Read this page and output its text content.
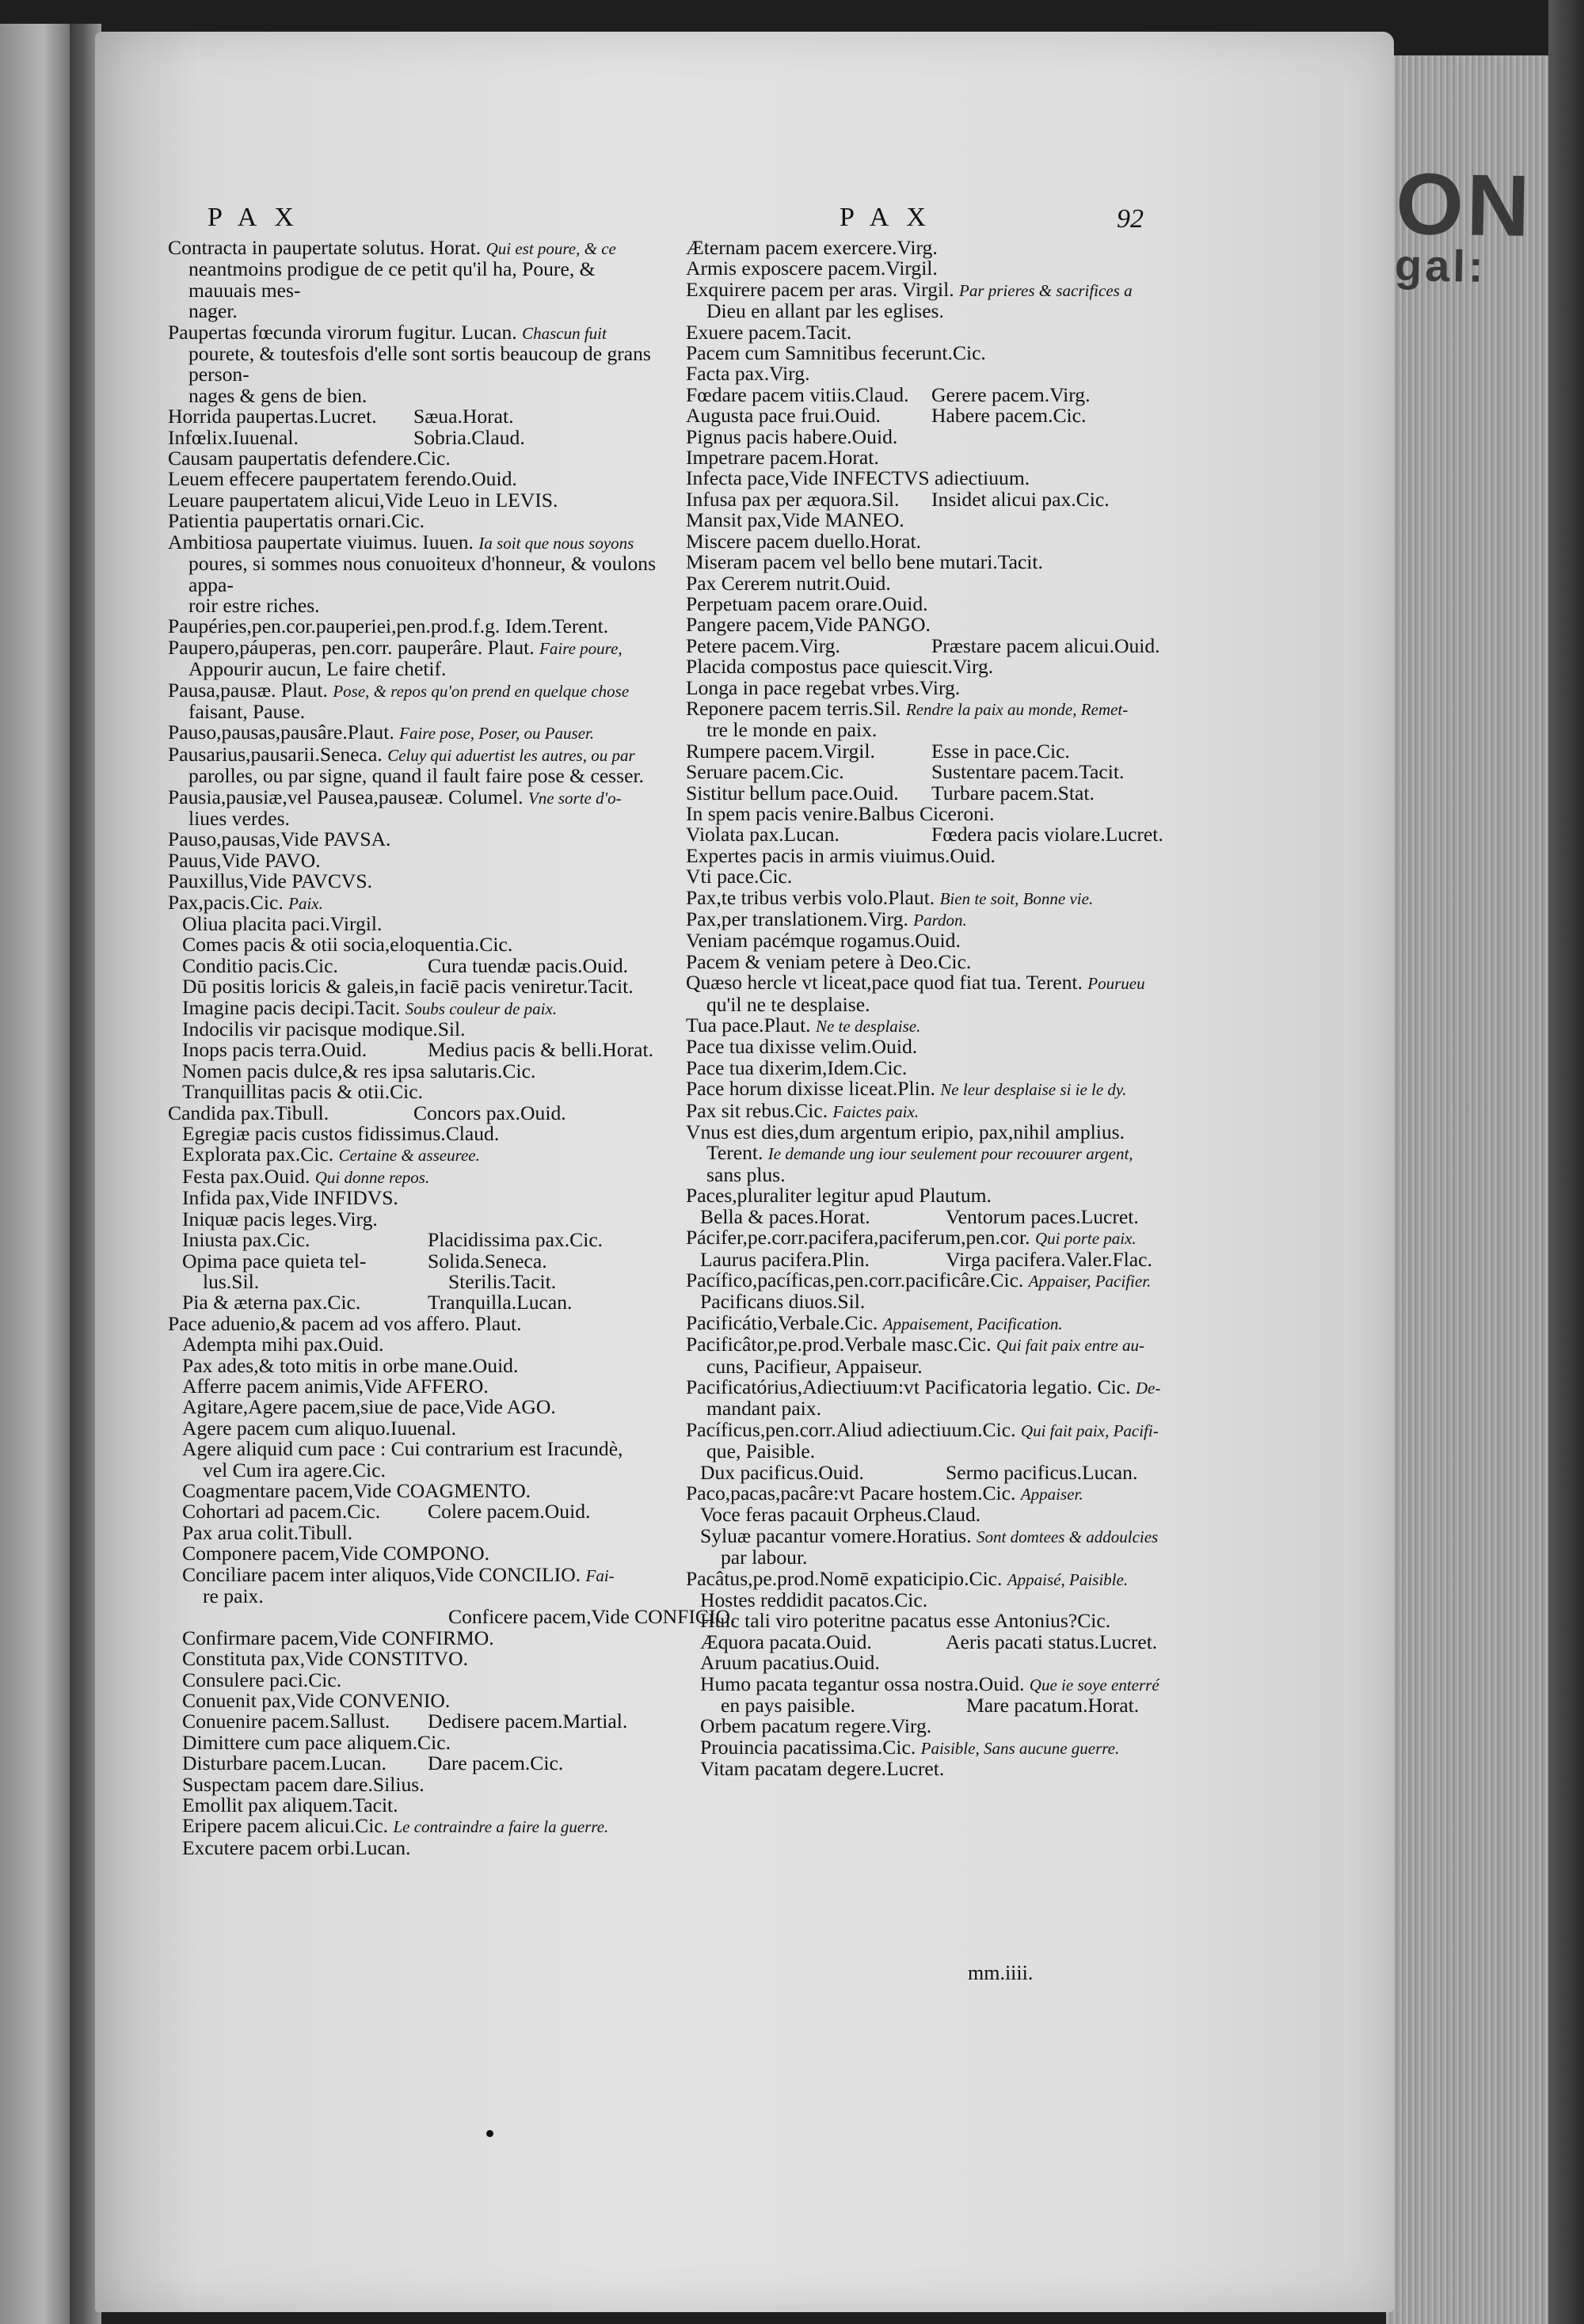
ON
gal:
PAX	PAX	92
Contracta in paupertate solutus. Horat. Qui est poure, & ce
neantmoins prodigue de ce petit qu'il ha, Poure, & mauuais mes-
nager.
Paupertas fœcunda virorum fugitur. Lucan. Chascun fuit
pourete, & toutesfois d'elle sont sortis beaucoup de grans person-
nages & gens de bien.
Horrida paupertas.Lucret.	Sæua.Horat.
Infœlix.Iuuenal.	Sobria.Claud.
Causam paupertatis defendere.Cic.
Leuem effecere paupertatem ferendo.Ouid.
Leuare paupertatem alicui,Vide Leuo in LEVIS.
Patientia paupertatis ornari.Cic.
Ambitiosa paupertate viuimus. Iuuen. Ia soit que nous soyons
poures, si sommes nous conuoiteux d'honneur, & voulons appa-
roir estre riches.
Paupéries,pen.cor.pauperiei,pen.prod.f.g. Idem.Terent.
Paupero,páuperas, pen.corr. pauperâre. Plaut. Faire poure,
Appourir aucun, Le faire chetif.
Pausa,pausæ. Plaut. Pose, & repos qu'on prend en quelque chose
faisant, Pause.
Pauso,pausas,pausâre.Plaut. Faire pose, Poser, ou Pauser.
Pausarius,pausarii.Seneca. Celuy qui aduertist les autres, ou par
parolles, ou par signe, quand il fault faire pose & cesser.
Pausia,pausiæ,vel Pausea,pauseæ. Columel. Vne sorte d'o-
liues verdes.
Pauso,pausas,Vide PAVSA.
Pauus,Vide PAVO.
Pauxillus,Vide PAVCVS.
Pax,pacis.Cic. Paix.
Oliua placita paci.Virgil.
Comes pacis & otii socia,eloquentia.Cic.
Conditio pacis.Cic.	Cura tuendæ pacis.Ouid.
Dū positis loricis & galeis,in faciē pacis veniretur.Tacit.
Imagine pacis decipi.Tacit. Soubs couleur de paix.
Indocilis vir pacisque modique.Sil.
Inops pacis terra.Ouid.	Medius pacis & belli.Horat.
Nomen pacis dulce,& res ipsa salutaris.Cic.
Tranquillitas pacis & otii.Cic.
Candida pax.Tibull.	Concors pax.Ouid.
Egregiæ pacis custos fidissimus.Claud.
Explorata pax.Cic. Certaine & asseuree.
Festa pax.Ouid. Qui donne repos.
Infida pax,Vide INFIDVS.
Iniquæ pacis leges.Virg.
Iniusta pax.Cic.	Placidissima pax.Cic.
Opima pace quieta tel-	Solida.Seneca.
lus.Sil.	Sterilis.Tacit.
Pia & æterna pax.Cic.	Tranquilla.Lucan.
Pace aduenio,& pacem ad vos affero. Plaut.
Adempta mihi pax.Ouid.
Pax ades,& toto mitis in orbe mane.Ouid.
Afferre pacem animis,Vide AFFERO.
Agitare,Agere pacem,siue de pace,Vide AGO.
Agere pacem cum aliquo.Iuuenal.
Agere aliquid cum pace : Cui contrarium est Iracundè,
vel Cum ira agere.Cic.
Coagmentare pacem,Vide COAGMENTO.
Cohortari ad pacem.Cic.	Colere pacem.Ouid.
Pax arua colit.Tibull.
Componere pacem,Vide COMPONO.
Conciliare pacem inter aliquos,Vide CONCILIO. Fai-
re paix.
Conficere pacem,Vide CONFICIO.
Confirmare pacem,Vide CONFIRMO.
Constituta pax,Vide CONSTITVO.
Consulere paci.Cic.
Conuenit pax,Vide CONVENIO.
Conuenire pacem.Sallust.	Dedisere pacem.Martial.
Dimittere cum pace aliquem.Cic.
Disturbare pacem.Lucan.	Dare pacem.Cic.
Suspectam pacem dare.Silius.
Emollit pax aliquem.Tacit.
Eripere pacem alicui.Cic. Le contraindre a faire la guerre.
Excutere pacem orbi.Lucan.
Æternam pacem exercere.Virg.
Armis exposcere pacem.Virgil.
Exquirere pacem per aras. Virgil. Par prieres & sacrifices a
Dieu en allant par les eglises.
Exuere pacem.Tacit.
Pacem cum Samnitibus fecerunt.Cic.
Facta pax.Virg.
Fœdare pacem vitiis.Claud.	Gerere pacem.Virg.
Augusta pace frui.Ouid.	Habere pacem.Cic.
Pignus pacis habere.Ouid.
Impetrare pacem.Horat.
Infecta pace,Vide INFECTVS adiectiuum.
Infusa pax per æquora.Sil.	Insidet alicui pax.Cic.
Mansit pax,Vide MANEO.
Miscere pacem duello.Horat.
Miseram pacem vel bello bene mutari.Tacit.
Pax Cererem nutrit.Ouid.
Perpetuam pacem orare.Ouid.
Pangere pacem,Vide PANGO.
Petere pacem.Virg.	Præstare pacem alicui.Ouid.
Placida compostus pace quiescit.Virg.
Longa in pace regebat vrbes.Virg.
Reponere pacem terris.Sil. Rendre la paix au monde, Remet-
tre le monde en paix.
Rumpere pacem.Virgil.	Esse in pace.Cic.
Seruare pacem.Cic.	Sustentare pacem.Tacit.
Sistitur bellum pace.Ouid.	Turbare pacem.Stat.
In spem pacis venire.Balbus Ciceroni.
Violata pax.Lucan.	Fœdera pacis violare.Lucret.
Expertes pacis in armis viuimus.Ouid.
Vti pace.Cic.
Pax,te tribus verbis volo.Plaut. Bien te soit, Bonne vie.
Pax,per translationem.Virg. Pardon.
Veniam pacémque rogamus.Ouid.
Pacem & veniam petere à Deo.Cic.
Quæso hercle vt liceat,pace quod fiat tua. Terent. Pourueu
qu'il ne te desplaise.
Tua pace.Plaut. Ne te desplaise.
Pace tua dixisse velim.Ouid.
Pace tua dixerim,Idem.Cic.
Pace horum dixisse liceat.Plin. Ne leur desplaise si ie le dy.
Pax sit rebus.Cic. Faictes paix.
Vnus est dies,dum argentum eripio, pax,nihil amplius.
Terent. Ie demande ung iour seulement pour recouurer argent,
sans plus.
Paces,pluraliter legitur apud Plautum.
Bella & paces.Horat.	Ventorum paces.Lucret.
Pácifer,pe.corr.pacifera,paciferum,pen.cor. Qui porte paix.
Laurus pacifera.Plin.	Virga pacifera.Valer.Flac.
Pacífico,pacíficas,pen.corr.pacificâre.Cic. Appaiser, Pacifier.
Pacificans diuos.Sil.
Pacificátio,Verbale.Cic. Appaisement, Pacification.
Pacificâtor,pe.prod.Verbale masc.Cic. Qui fait paix entre au-
cuns, Pacifieur, Appaiseur.
Pacificatórius,Adiectiuum:vt Pacificatoria legatio. Cic. De-
mandant paix.
Pacíficus,pen.corr.Aliud adiectiuum.Cic. Qui fait paix, Pacifi-
que, Paisible.
Dux pacificus.Ouid.	Sermo pacificus.Lucan.
Paco,pacas,pacâre:vt Pacare hostem.Cic. Appaiser.
Voce feras pacauit Orpheus.Claud.
Syluæ pacantur vomere.Horatius. Sont domtees & addoulcies
par labour.
Pacâtus,pe.prod.Nomē expaticipio.Cic. Appaisé, Paisible.
Hostes reddidit pacatos.Cic.
Huic tali viro poteritne pacatus esse Antonius?Cic.
Æquora pacata.Ouid.	Aeris pacati status.Lucret.
Aruum pacatius.Ouid.
Humo pacata tegantur ossa nostra.Ouid. Que ie soye enterré
en pays paisible.	Mare pacatum.Horat.
Orbem pacatum regere.Virg.
Prouincia pacatissima.Cic. Paisible, Sans aucune guerre.
Vitam pacatam degere.Lucret.
mm.iiii.
